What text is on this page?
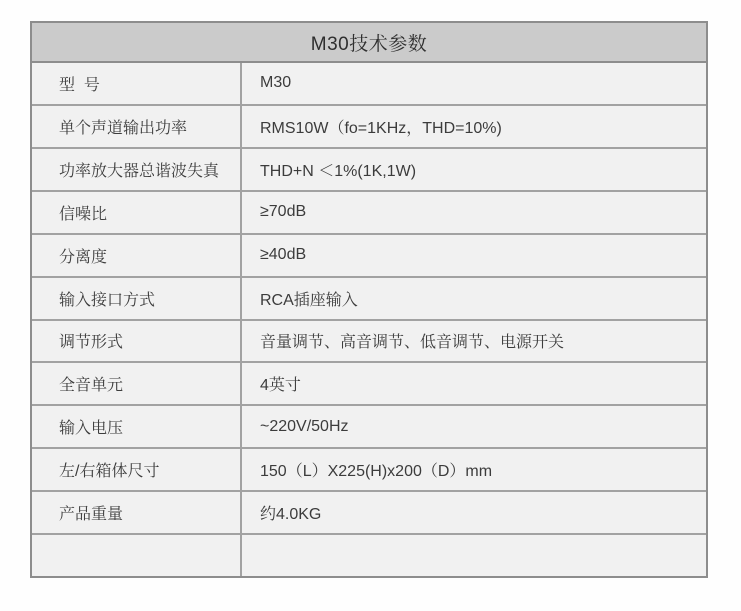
M30技术参数
型  号	M30
单个声道输出功率	RMS10W（fo=1KHz，THD=10%)
功率放大器总谐波失真	THD+N ＜1%(1K,1W)
信噪比	≥70dB
分离度	≥40dB
输入接口方式	RCA插座输入
调节形式	音量调节、高音调节、低音调节、电源开关
全音单元	4英寸
输入电压	~220V/50Hz
左/右箱体尺寸	150（L）X225(H)x200（D）mm
产品重量	约4.0KG
